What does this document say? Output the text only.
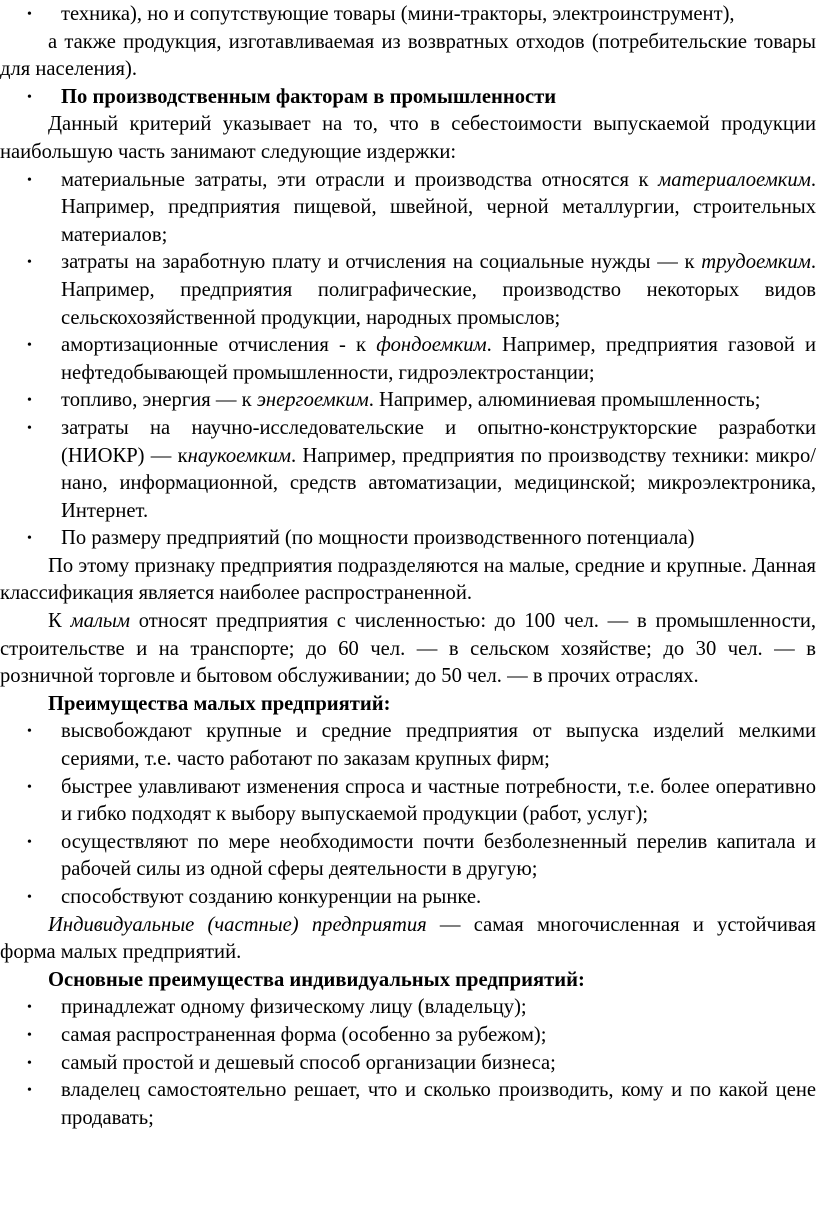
• техника), но и сопутствующие товары (мини-тракторы, электроинструмент),

а также продукция, изготавливаемая из возвратных отходов (потребительские товары для населения).

• По производственным факторам в промышленности

Данный критерий указывает на то, что в себестоимости выпускаемой продукции наибольшую часть занимают следующие издержки:

• материальные затраты, эти отрасли и производства относятся к материалоемким. Например, предприятия пищевой, швейной, черной металлургии, строительных материалов;
• затраты на заработную плату и отчисления на социальные нужды — к трудоемким. Например, предприятия полиграфические, производство некоторых видов сельскохозяйственной продукции, народных промыслов;
• амортизационные отчисления - к фондоемким. Например, предприятия газовой и нефтедобывающей промышленности, гидроэлектростанции;
• топливо, энергия — к энергоемким. Например, алюминиевая промышленность;
• затраты на научно-исследовательские и опытно-конструкторские разработки (НИОКР) — кнаукоемким. Например, предприятия по производству техники: микро/нано, информационной, средств автоматизации, медицинской; микроэлектроника, Интернет.
• По размеру предприятий (по мощности производственного потенциала)

По этому признаку предприятия подразделяются на малые, средние и крупные. Данная классификация является наиболее распространенной.

К малым относят предприятия с численностью: до 100 чел. — в промышленности, строительстве и на транспорте; до 60 чел. — в сельском хозяйстве; до 30 чел. — в розничной торговле и бытовом обслуживании; до 50 чел. — в прочих отраслях.

Преимущества малых предприятий:

• высвобождают крупные и средние предприятия от выпуска изделий мелкими сериями, т.е. часто работают по заказам крупных фирм;
• быстрее улавливают изменения спроса и частные потребности, т.е. более оперативно и гибко подходят к выбору выпускаемой продукции (работ, услуг);
• осуществляют по мере необходимости почти безболезненный перелив капитала и рабочей силы из одной сферы деятельности в другую;
• способствуют созданию конкуренции на рынке.

Индивидуальные (частные) предприятия — самая многочисленная и устойчивая форма малых предприятий.

Основные преимущества индивидуальных предприятий:

• принадлежат одному физическому лицу (владельцу);
• самая распространенная форма (особенно за рубежом);
• самый простой и дешевый способ организации бизнеса;
• владелец самостоятельно решает, что и сколько производить, кому и по какой цене продавать;
